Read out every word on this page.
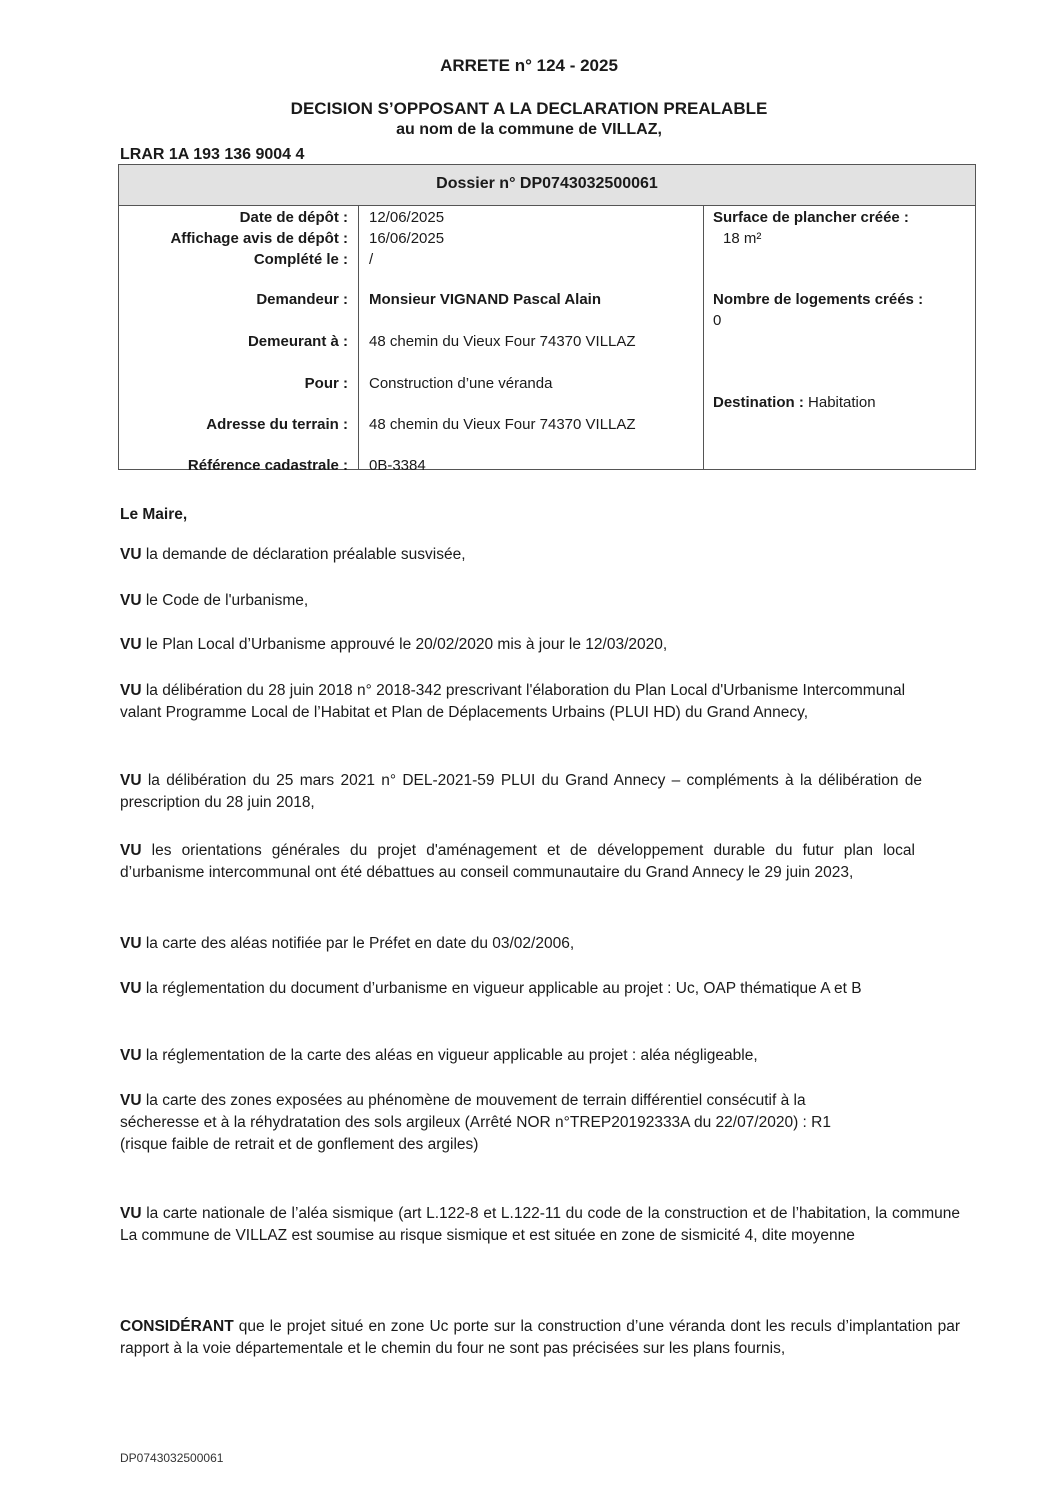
ARRETE n° 124 - 2025
DECISION S’OPPOSANT A LA DECLARATION PREALABLE
au nom de la commune de VILLAZ,
LRAR 1A 193 136 9004 4
Dossier n° DP0743032500061
Date de dépôt :
Affichage avis de dépôt :
Complété le :
Demandeur :
Demeurant à :
Pour :
Adresse du terrain :
Référence cadastrale :
12/06/2025
16/06/2025
/
Monsieur VIGNAND Pascal Alain
48 chemin du Vieux Four 74370 VILLAZ
Construction d’une véranda
48 chemin du Vieux Four 74370 VILLAZ
0B-3384
Surface de plancher créée :
18 m²
Nombre de logements créés :
0
Destination : Habitation
Le Maire,
VU la demande de déclaration préalable susvisée,
VU le Code de l'urbanisme,
VU le Plan Local d’Urbanisme approuvé le 20/02/2020 mis à jour le 12/03/2020,
VU la délibération du 28 juin 2018 n° 2018-342 prescrivant l'élaboration du Plan Local d'Urbanisme Intercommunal valant Programme Local de l’Habitat et Plan de Déplacements Urbains (PLUI HD) du Grand Annecy,
VU la délibération du 25 mars 2021 n° DEL-2021-59 PLUI du Grand Annecy – compléments à la délibération de prescription du 28 juin 2018,
VU les orientations générales du projet d'aménagement et de développement durable du futur plan local d’urbanisme intercommunal ont été débattues au conseil communautaire du Grand Annecy le 29 juin 2023,
VU la carte des aléas notifiée par le Préfet en date du 03/02/2006,
VU la réglementation du document d’urbanisme en vigueur applicable au projet : Uc, OAP thématique A et B
VU la réglementation de la carte des aléas en vigueur applicable au projet : aléa négligeable,
VU la carte des zones exposées au phénomène de mouvement de terrain différentiel consécutif à la sécheresse et à la réhydratation des sols argileux (Arrêté NOR n°TREP20192333A du 22/07/2020) : R1 (risque faible de retrait et de gonflement des argiles)
VU la carte nationale de l’aléa sismique (art L.122-8 et L.122-11 du code de la construction et de l’habitation, la commune La commune de VILLAZ est soumise au risque sismique et est située en zone de sismicité 4, dite moyenne
CONSIDÉRANT que le projet situé en zone Uc porte sur la construction d’une véranda dont les reculs d’implantation par rapport à la voie départementale et le chemin du four ne sont pas précisées sur les plans fournis,
DP0743032500061
